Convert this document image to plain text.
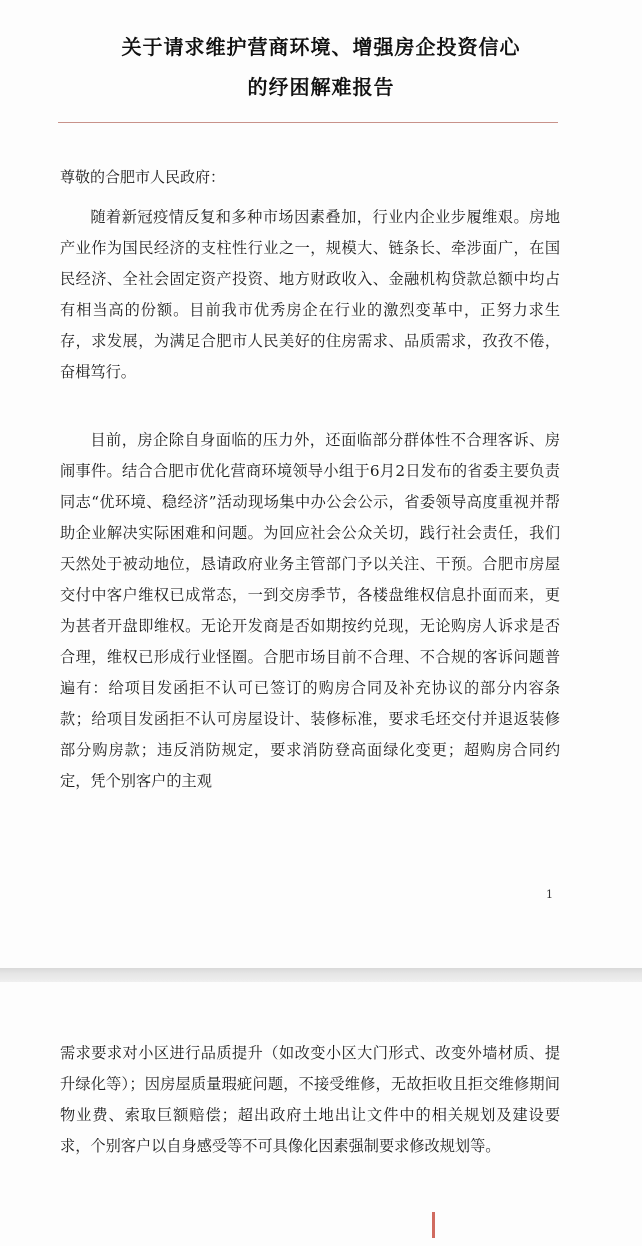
关于请求维护营商环境、增强房企投资信心
的纾困解难报告
尊敬的合肥市人民政府：

随着新冠疫情反复和多种市场因素叠加，行业内企业步履维艰。房地产业作为国民经济的支柱性行业之一，规模大、链条长、牵涉面广，在国民经济、全社会固定资产投资、地方财政收入、金融机构贷款总额中均占有相当高的份额。目前我市优秀房企在行业的激烈变革中，正努力求生存，求发展，为满足合肥市人民美好的住房需求、品质需求，孜孜不倦，奋楫笃行。

目前，房企除自身面临的压力外，还面临部分群体性不合理客诉、房闹事件。结合合肥市优化营商环境领导小组于6月2日发布的省委主要负责同志“优环境、稳经济”活动现场集中办公会公示，省委领导高度重视并帮助企业解决实际困难和问题。为回应社会公众关切，践行社会责任，我们天然处于被动地位，恳请政府业务主管部门予以关注、干预。合肥市房屋交付中客户维权已成常态，一到交房季节，各楼盘维权信息扑面而来，更为甚者开盘即维权。无论开发商是否如期按约兑现，无论购房人诉求是否合理，维权已形成行业怪圈。合肥市场目前不合理、不合规的客诉问题普遍有：给项目发函拒不认可已签订的购房合同及补充协议的部分内容条款；给项目发函拒不认可房屋设计、装修标准，要求毛坯交付并退返装修部分购房款；违反消防规定，要求消防登高面绿化变更；超购房合同约定，凭个别客户的主观

1

需求要求对小区进行品质提升（如改变小区大门形式、改变外墙材质、提升绿化等）；因房屋质量瑕疵问题，不接受维修，无故拒收且拒交维修期间物业费、索取巨额赔偿；超出政府土地出让文件中的相关规划及建设要求，个别客户以自身感受等不可具像化因素强制要求修改规划等。
